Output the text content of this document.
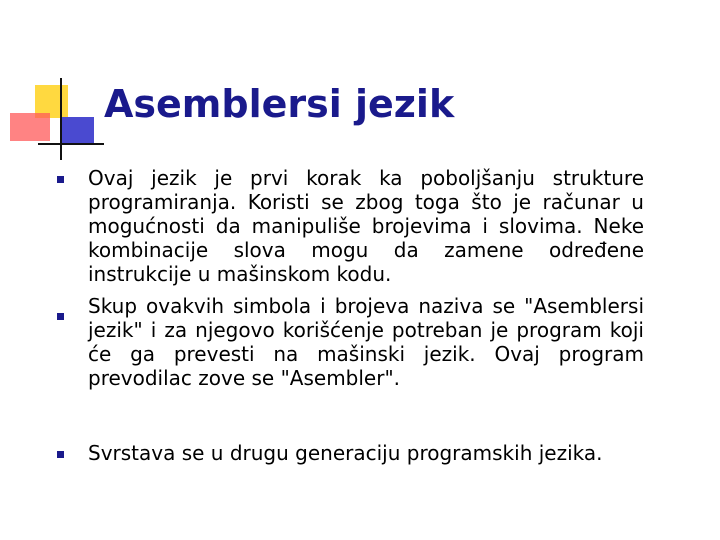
Asemblersi jezik

Ovaj jezik je prvi korak ka poboljšanju strukture programiranja. Koristi se zbog toga što je računar u mogućnosti da manipuliše brojevima i slovima. Neke kombinacije slova mogu da zamene određene instrukcije u mašinskom kodu.

Skup ovakvih simbola i brojeva naziva se "Asemblersi jezik" i za njegovo korišćenje potreban je program koji će ga prevesti na mašinski jezik. Ovaj program prevodilac zove se "Asembler".

Svrstava se u drugu generaciju programskih jezika.
